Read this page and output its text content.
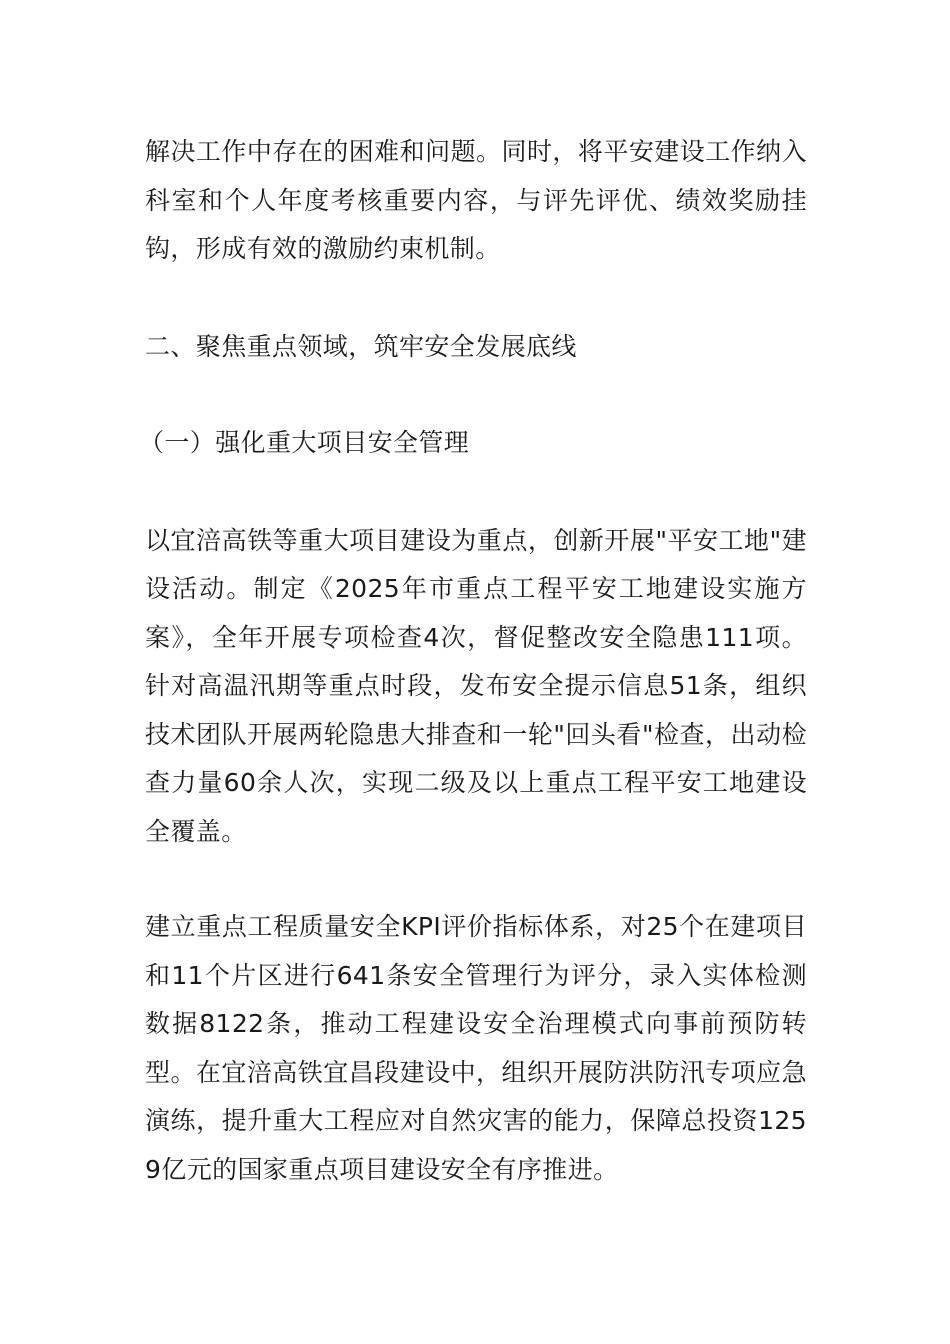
解决工作中存在的困难和问题。同时，将平安建设工作纳入科室和个人年度考核重要内容，与评先评优、绩效奖励挂钩，形成有效的激励约束机制。

二、聚焦重点领域，筑牢安全发展底线

（一）强化重大项目安全管理

以宜涪高铁等重大项目建设为重点，创新开展"平安工地"建设活动。制定《2025年市重点工程平安工地建设实施方案》，全年开展专项检查4次，督促整改安全隐患111项。针对高温汛期等重点时段，发布安全提示信息51条，组织技术团队开展两轮隐患大排查和一轮"回头看"检查，出动检查力量60余人次，实现二级及以上重点工程平安工地建设全覆盖。

建立重点工程质量安全KPI评价指标体系，对25个在建项目和11个片区进行641条安全管理行为评分，录入实体检测数据8122条，推动工程建设安全治理模式向事前预防转型。在宜涪高铁宜昌段建设中，组织开展防洪防汛专项应急演练，提升重大工程应对自然灾害的能力，保障总投资1259亿元的国家重点项目建设安全有序推进。
